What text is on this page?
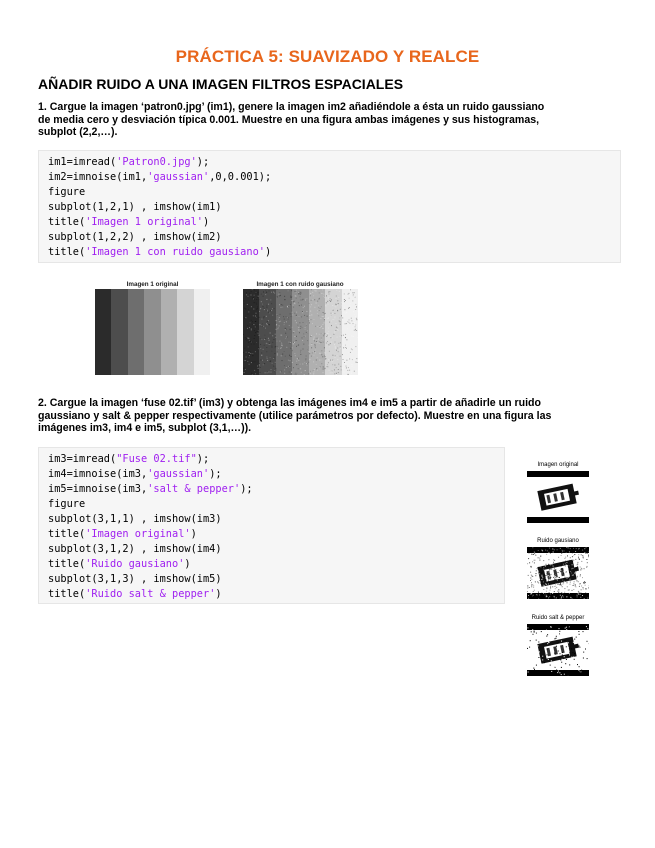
PRÁCTICA 5: SUAVIZADO Y REALCE
AÑADIR RUIDO A UNA IMAGEN FILTROS ESPACIALES
1. Cargue la imagen ‘patron0.jpg’ (im1), genere la imagen im2 añadiéndole a ésta un ruido gaussiano
de media cero y desviación típica 0.001. Muestre en una figura ambas imágenes y sus histogramas,
subplot (2,2,…).
im1=imread('Patron0.jpg');
im2=imnoise(im1,'gaussian',0,0.001);
figure
subplot(1,2,1) , imshow(im1)
title('Imagen 1 original')
subplot(1,2,2) , imshow(im2)
title('Imagen 1 con ruido gausiano')
Imagen 1 original	Imagen 1 con ruido gausiano
2. Cargue la imagen ‘fuse 02.tif’ (im3) y obtenga las imágenes im4 e im5 a partir de añadirle un ruido
gaussiano y salt & pepper respectivamente (utilice parámetros por defecto). Muestre en una figura las
imágenes im3, im4 e im5, subplot (3,1,…)).
im3=imread("Fuse 02.tif");
im4=imnoise(im3,'gaussian');
im5=imnoise(im3,'salt & pepper');
figure
subplot(3,1,1) , imshow(im3)
title('Imagen original')
subplot(3,1,2) , imshow(im4)
title('Ruido gausiano')
subplot(3,1,3) , imshow(im5)
title('Ruido salt & pepper')
Imagen original
Ruido gausiano
Ruido salt & pepper
